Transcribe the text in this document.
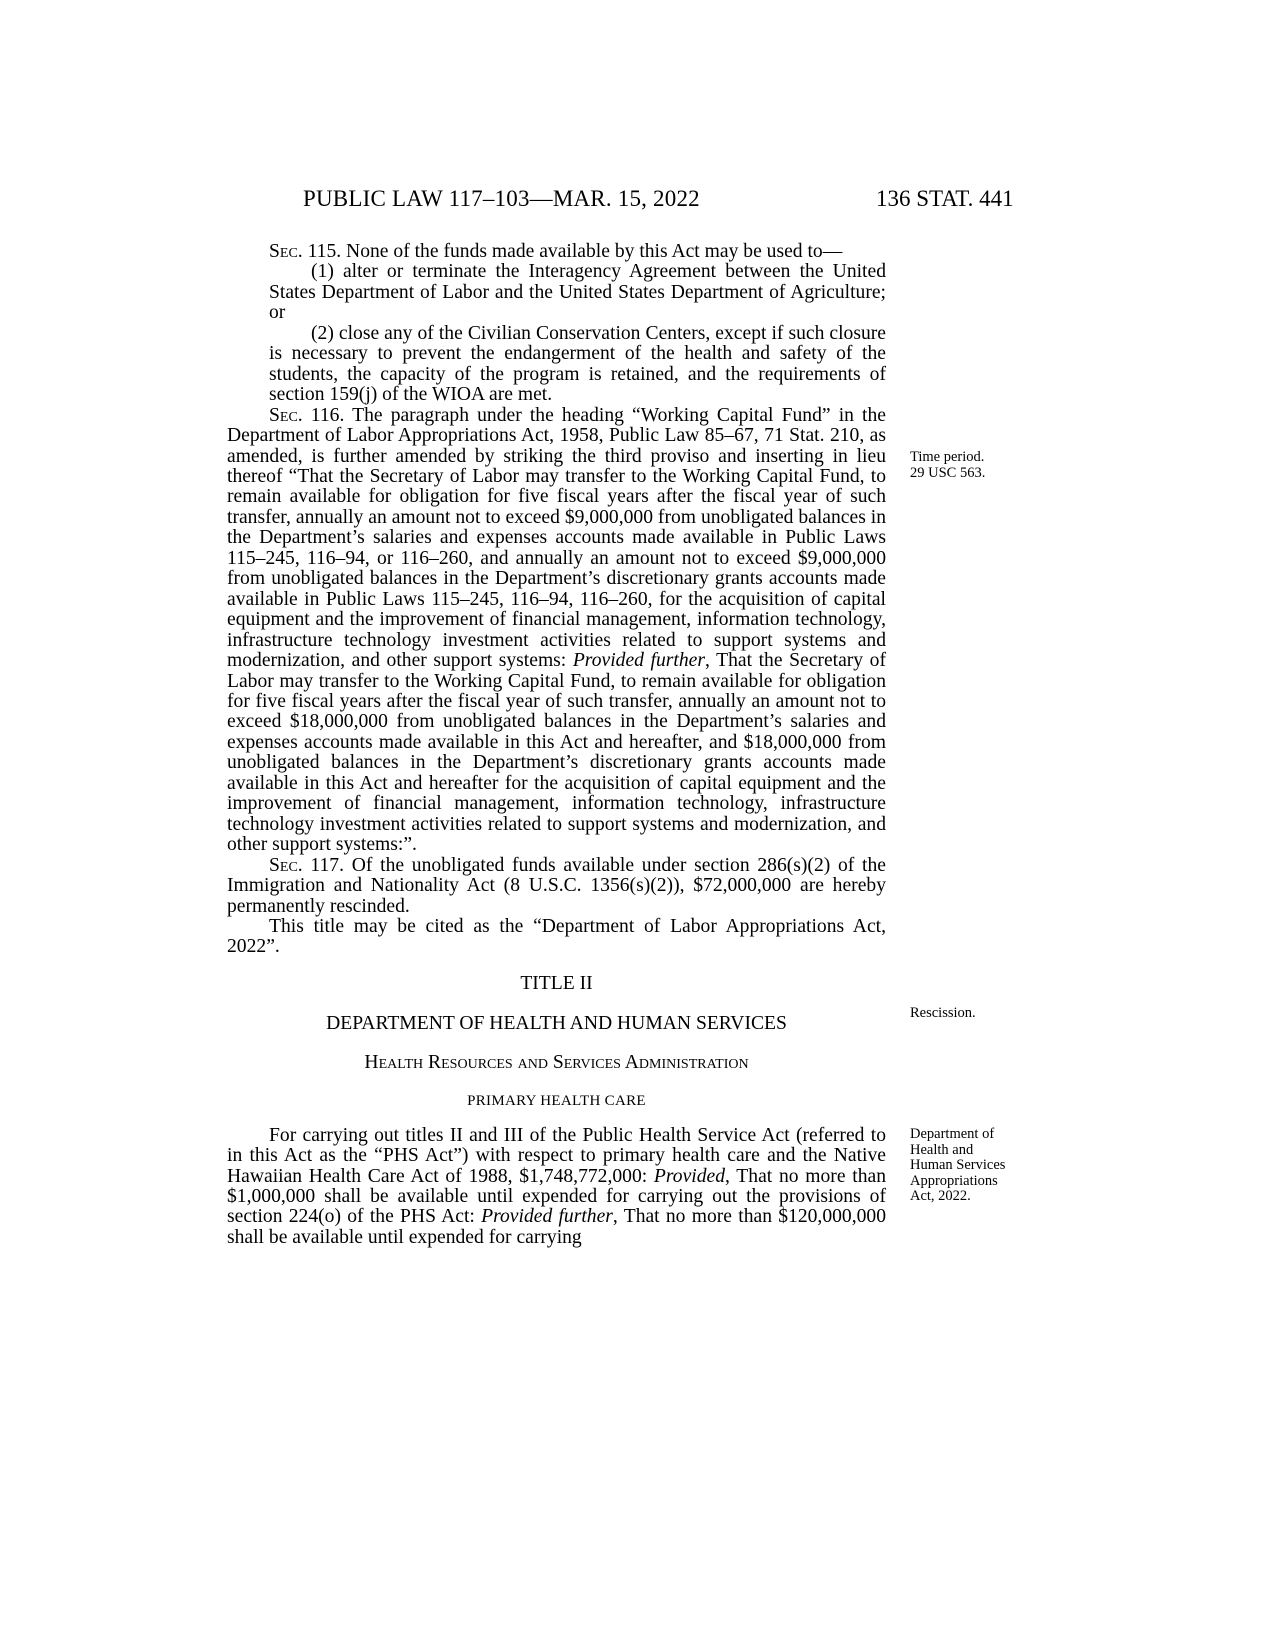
PUBLIC LAW 117–103—MAR. 15, 2022	136 STAT. 441

Sec. 115. None of the funds made available by this Act may be used to—

(1) alter or terminate the Interagency Agreement between the United States Department of Labor and the United States Department of Agriculture; or

(2) close any of the Civilian Conservation Centers, except if such closure is necessary to prevent the endangerment of the health and safety of the students, the capacity of the program is retained, and the requirements of section 159(j) of the WIOA are met.

Sec. 116. The paragraph under the heading “Working Capital Fund” in the Department of Labor Appropriations Act, 1958, Public Law 85–67, 71 Stat. 210, as amended, is further amended by striking the third proviso and inserting in lieu thereof “That the Secretary of Labor may transfer to the Working Capital Fund, to remain available for obligation for five fiscal years after the fiscal year of such transfer, annually an amount not to exceed $9,000,000 from unobligated balances in the Department’s salaries and expenses accounts made available in Public Laws 115–245, 116–94, or 116–260, and annually an amount not to exceed $9,000,000 from unobligated balances in the Department’s discretionary grants accounts made available in Public Laws 115–245, 116–94, 116–260, for the acquisition of capital equipment and the improvement of financial management, information technology, infrastructure technology investment activities related to support systems and modernization, and other support systems: Provided further, That the Secretary of Labor may transfer to the Working Capital Fund, to remain available for obligation for five fiscal years after the fiscal year of such transfer, annually an amount not to exceed $18,000,000 from unobligated balances in the Department’s salaries and expenses accounts made available in this Act and hereafter, and $18,000,000 from unobligated balances in the Department’s discretionary grants accounts made available in this Act and hereafter for the acquisition of capital equipment and the improvement of financial management, information technology, infrastructure technology investment activities related to support systems and modernization, and other support systems:”.

Sec. 117. Of the unobligated funds available under section 286(s)(2) of the Immigration and Nationality Act (8 U.S.C. 1356(s)(2)), $72,000,000 are hereby permanently rescinded.

This title may be cited as the “Department of Labor Appropriations Act, 2022”.

TITLE II

DEPARTMENT OF HEALTH AND HUMAN SERVICES

Health Resources and Services Administration

PRIMARY HEALTH CARE

For carrying out titles II and III of the Public Health Service Act (referred to in this Act as the “PHS Act”) with respect to primary health care and the Native Hawaiian Health Care Act of 1988, $1,748,772,000: Provided, That no more than $1,000,000 shall be available until expended for carrying out the provisions of section 224(o) of the PHS Act: Provided further, That no more than $120,000,000 shall be available until expended for carrying

Time period.
29 USC 563.
Rescission.
Department of
Health and
Human Services
Appropriations
Act, 2022.
